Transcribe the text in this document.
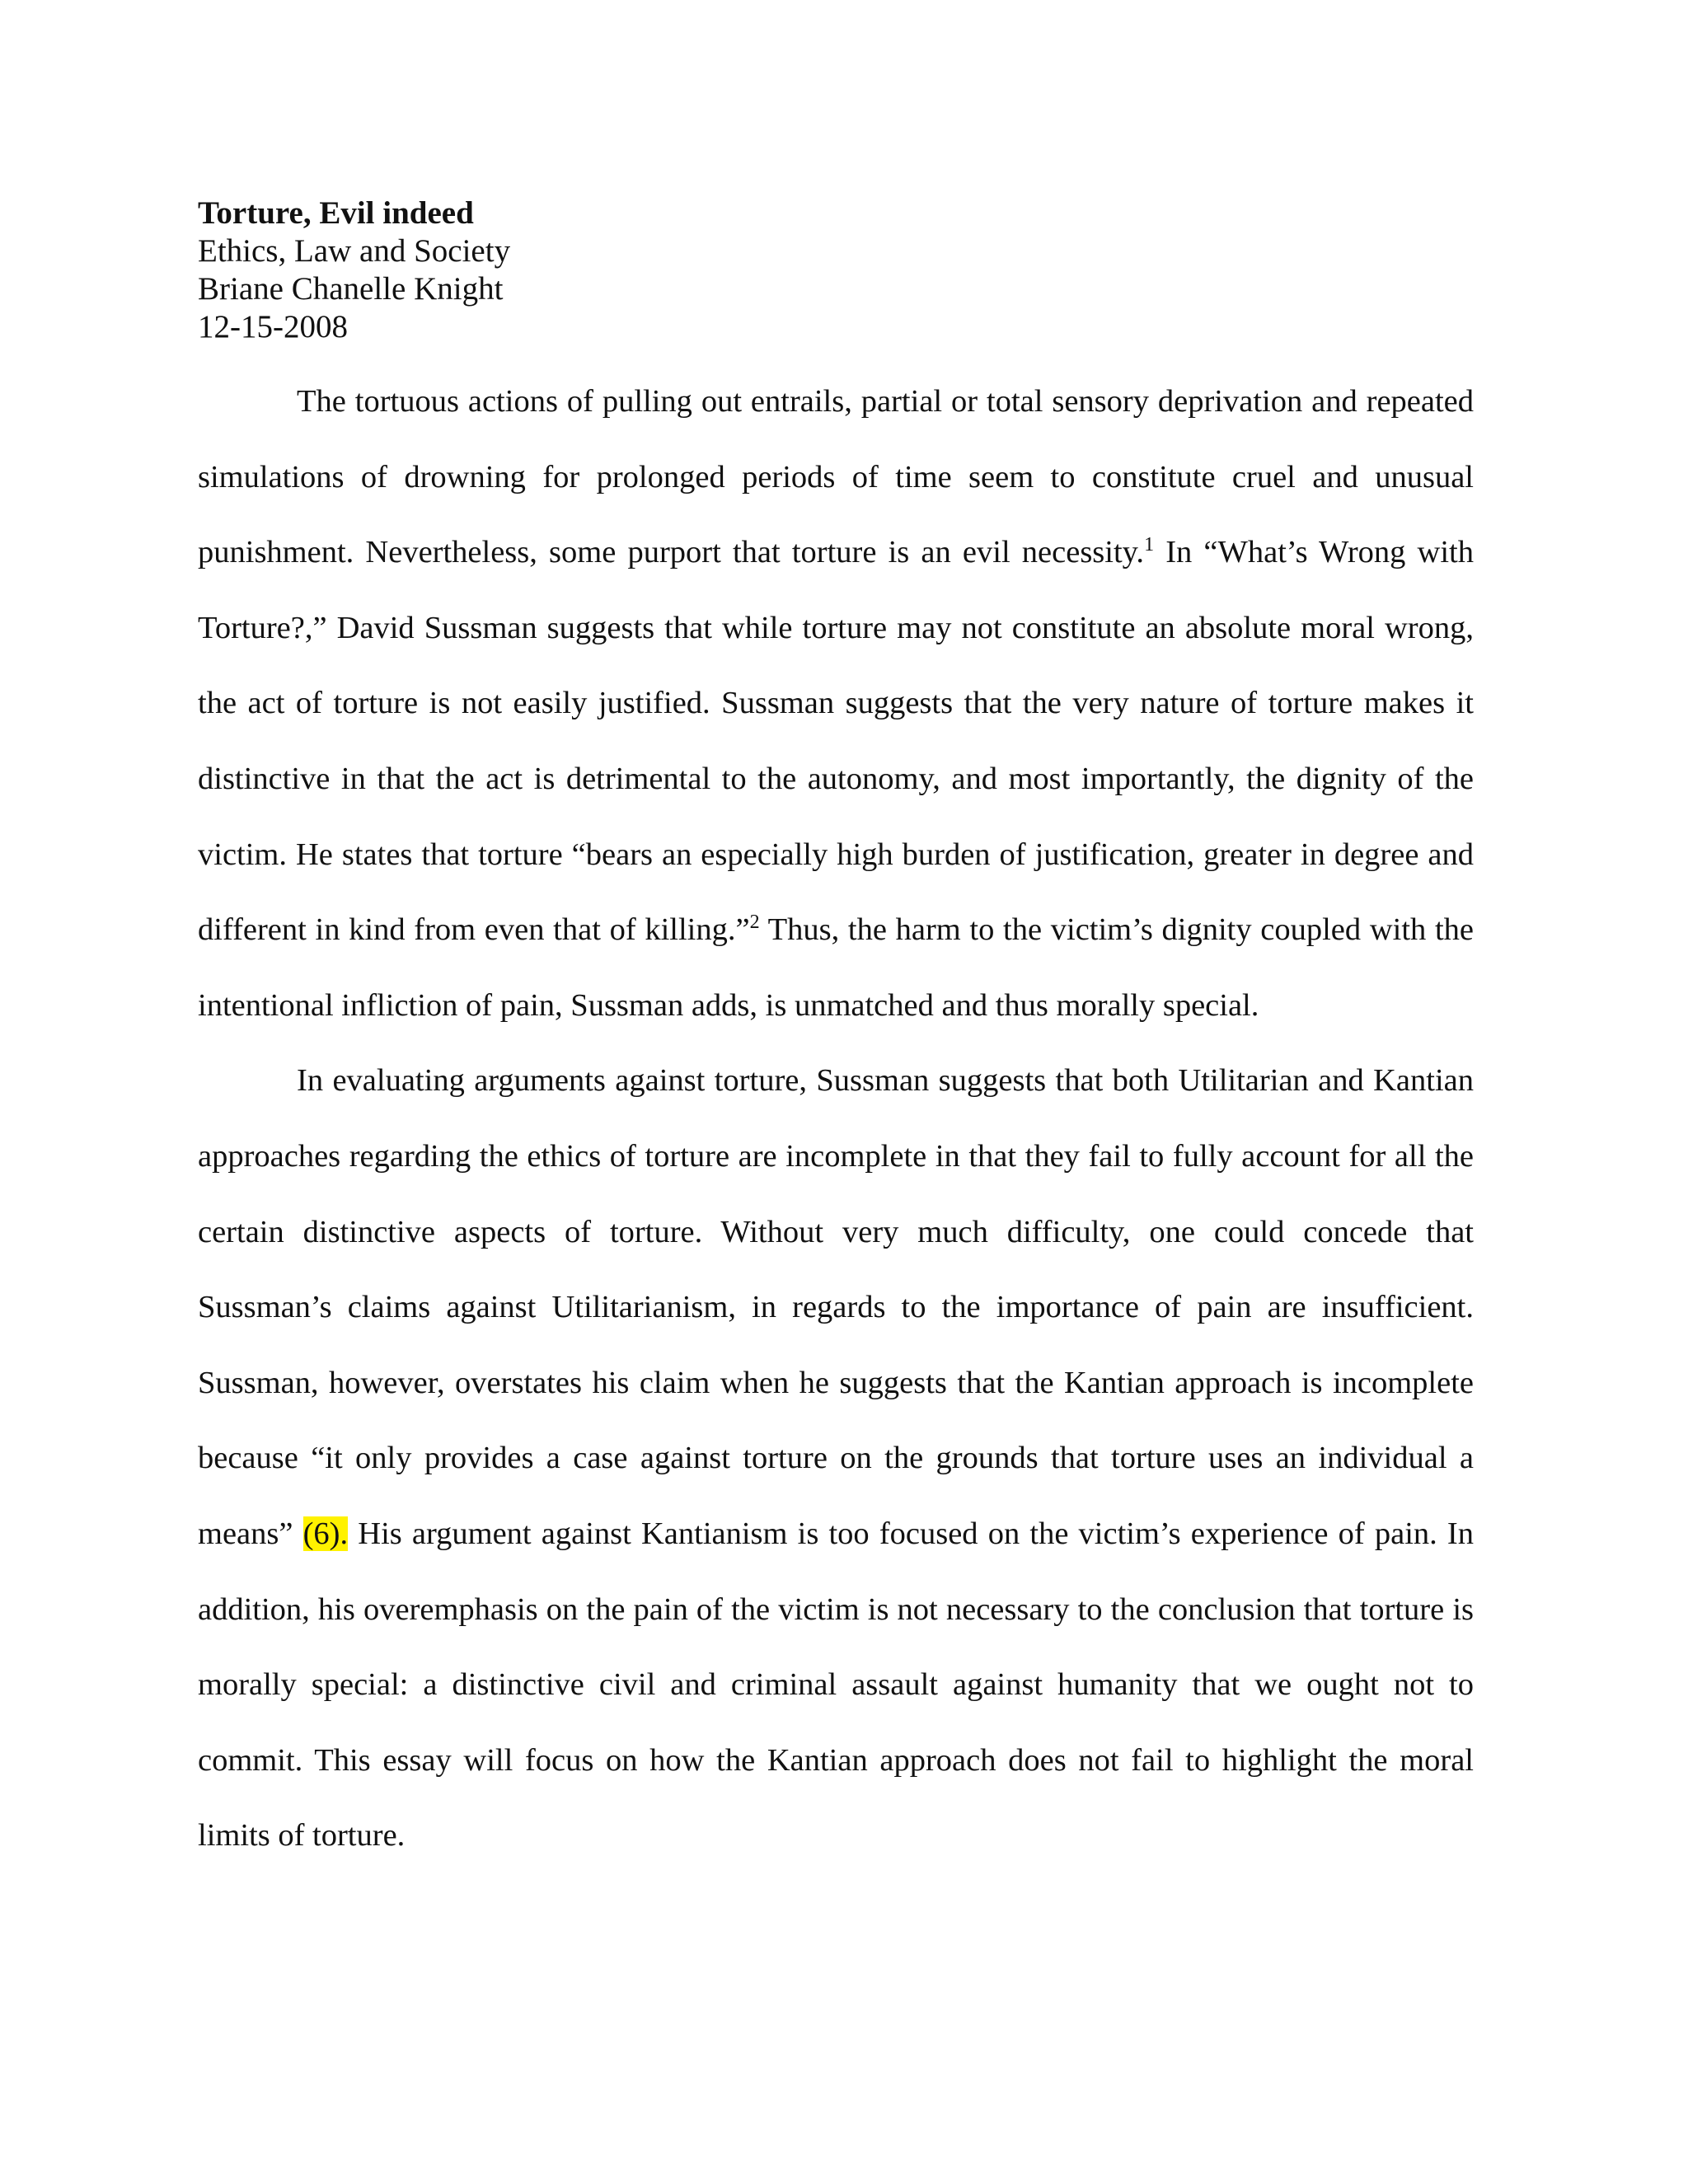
Torture, Evil indeed
Ethics, Law and Society
Briane Chanelle Knight
12-15-2008

The tortuous actions of pulling out entrails, partial or total sensory deprivation and repeated simulations of drowning for prolonged periods of time seem to constitute cruel and unusual punishment. Nevertheless, some purport that torture is an evil necessity.$^1$ In “What’s Wrong with Torture?,” David Sussman suggests that while torture may not constitute an absolute moral wrong, the act of torture is not easily justified. Sussman suggests that the very nature of torture makes it distinctive in that the act is detrimental to the autonomy, and most importantly, the dignity of the victim. He states that torture “bears an especially high burden of justification, greater in degree and different in kind from even that of killing.”$^2$ Thus, the harm to the victim’s dignity coupled with the intentional infliction of pain, Sussman adds, is unmatched and thus morally special.

In evaluating arguments against torture, Sussman suggests that both Utilitarian and Kantian approaches regarding the ethics of torture are incomplete in that they fail to fully account for all the certain distinctive aspects of torture. Without very much difficulty, one could concede that Sussman’s claims against Utilitarianism, in regards to the importance of pain are insufficient. Sussman, however, overstates his claim when he suggests that the Kantian approach is incomplete because “it only provides a case against torture on the grounds that torture uses an individual a means” (6). His argument against Kantianism is too focused on the victim’s experience of pain. In addition, his overemphasis on the pain of the victim is not necessary to the conclusion that torture is morally special: a distinctive civil and criminal assault against humanity that we ought not to commit. This essay will focus on how the Kantian approach does not fail to highlight the moral limits of torture.
